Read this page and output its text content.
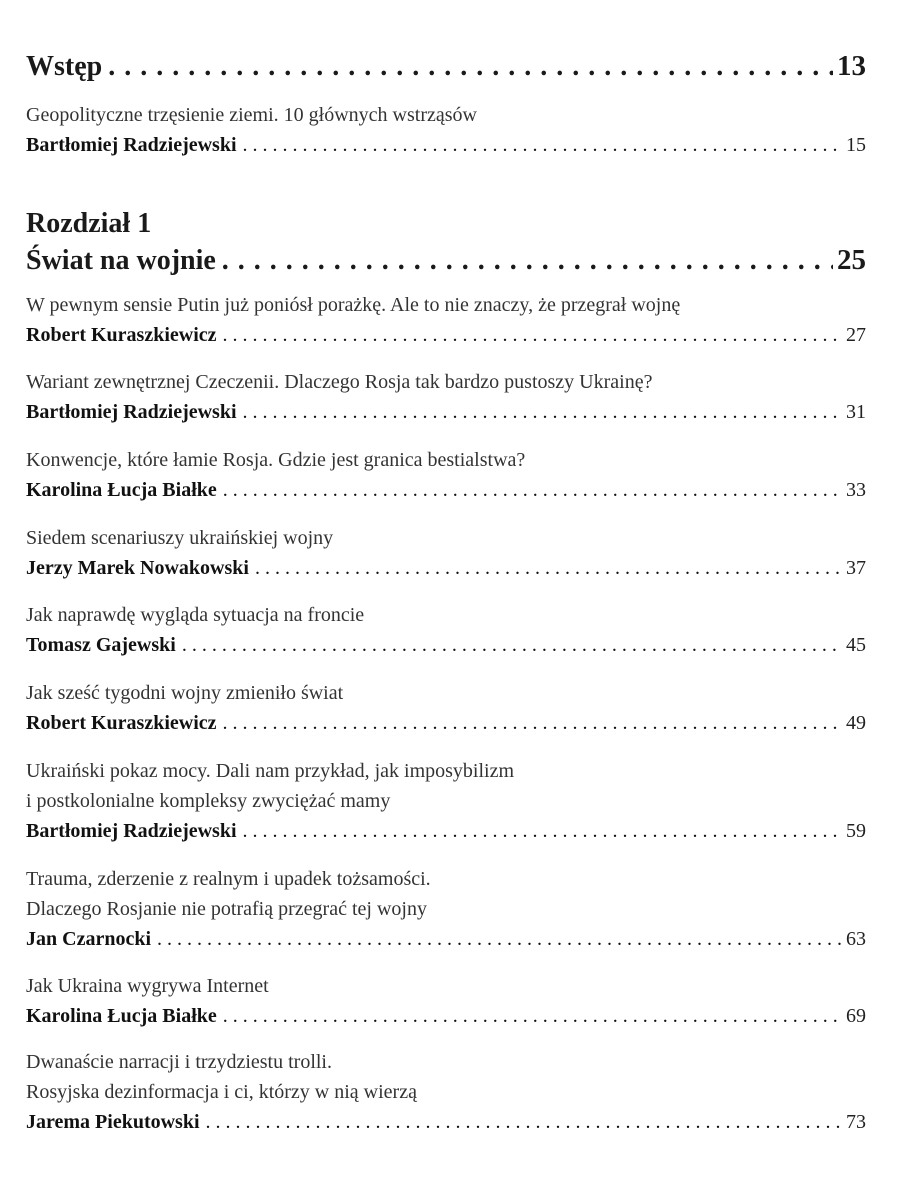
Wstęp . . .	13
Geopolityczne trzęsienie ziemi. 10 głównych wstrząsów
Bartłomiej Radziejewski . . .	15
Rozdział 1
Świat na wojnie . . .	25
W pewnym sensie Putin już poniósł porażkę. Ale to nie znaczy, że przegrał wojnę
Robert Kuraszkiewicz . . .	27
Wariant zewnętrznej Czeczenii. Dlaczego Rosja tak bardzo pustoszy Ukrainę?
Bartłomiej Radziejewski . . .	31
Konwencje, które łamie Rosja. Gdzie jest granica bestialstwa?
Karolina Łucja Białke . . .	33
Siedem scenariuszy ukraińskiej wojny
Jerzy Marek Nowakowski . . .	37
Jak naprawdę wygląda sytuacja na froncie
Tomasz Gajewski . . .	45
Jak sześć tygodni wojny zmieniło świat
Robert Kuraszkiewicz . . .	49
Ukraiński pokaz mocy. Dali nam przykład, jak imposybilizm
i postkolonialne kompleksy zwyciężać mamy
Bartłomiej Radziejewski . . .	59
Trauma, zderzenie z realnym i upadek tożsamości.
Dlaczego Rosjanie nie potrafią przegrać tej wojny
Jan Czarnocki . . .	63
Jak Ukraina wygrywa Internet
Karolina Łucja Białke . . .	69
Dwanaście narracji i trzydziestu trolli.
Rosyjska dezinformacja i ci, którzy w nią wierzą
Jarema Piekutowski . . .	73
